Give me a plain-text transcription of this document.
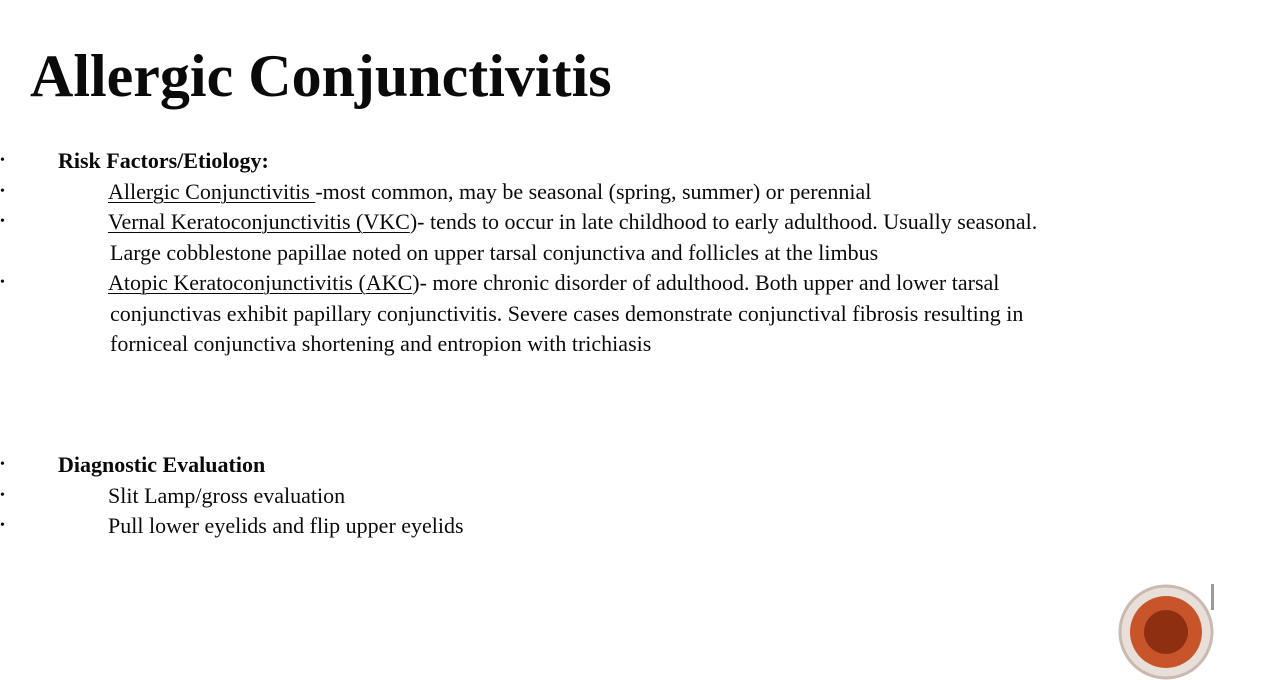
Allergic Conjunctivitis
• Risk Factors/Etiology:
•	Allergic Conjunctivitis -most common, may be seasonal (spring, summer) or perennial
•	Vernal Keratoconjunctivitis (VKC)- tends to occur in late childhood to early adulthood. Usually seasonal.
Large cobblestone papillae noted on upper tarsal conjunctiva and follicles at the limbus
•	Atopic Keratoconjunctivitis (AKC)- more chronic disorder of adulthood. Both upper and lower tarsal
conjunctivas exhibit papillary conjunctivitis. Severe cases demonstrate conjunctival fibrosis resulting in
forniceal conjunctiva shortening and entropion with trichiasis
• Diagnostic Evaluation
•	Slit Lamp/gross evaluation
•	Pull lower eyelids and flip upper eyelids
